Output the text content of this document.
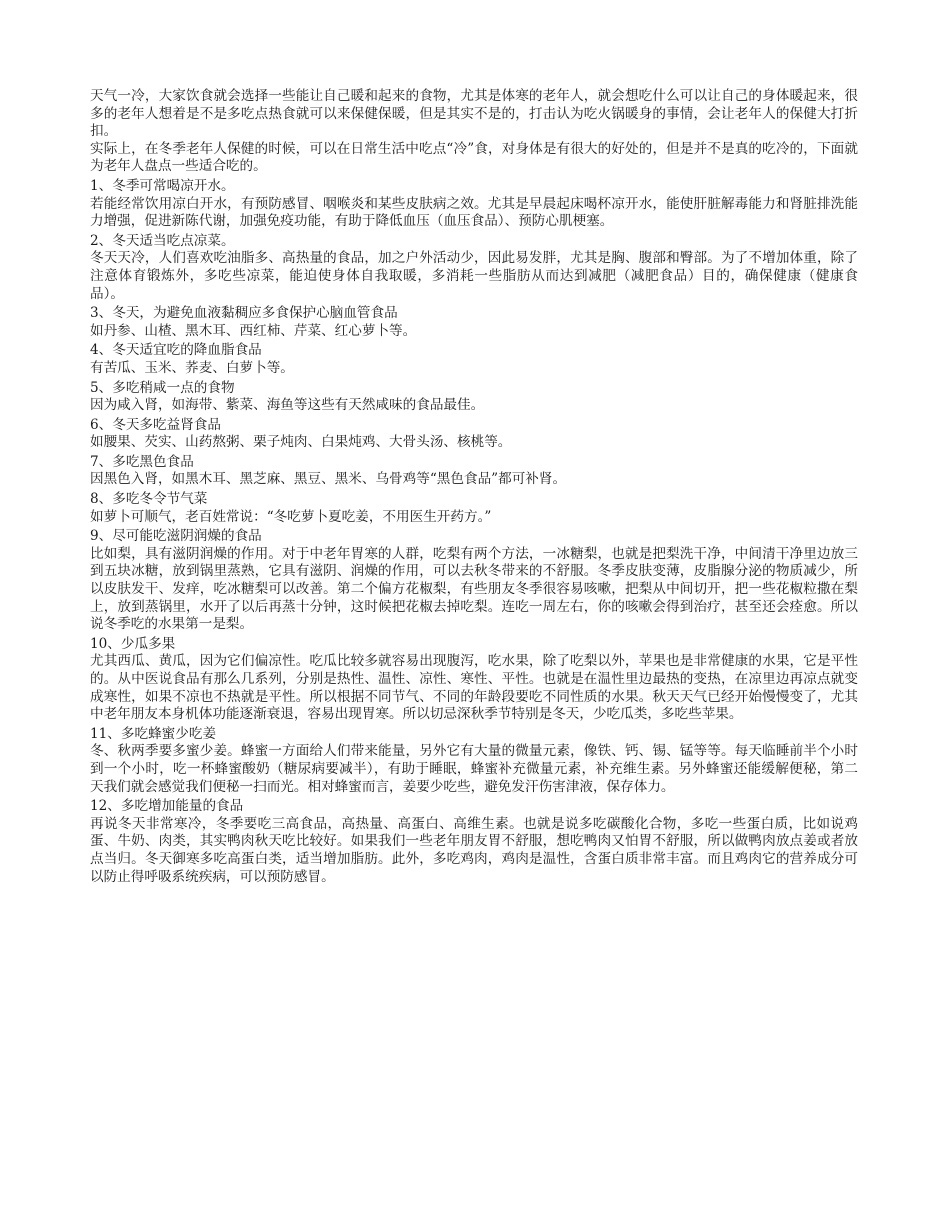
天气一冷，大家饮食就会选择一些能让自己暖和起来的食物，尤其是体寒的老年人，就会想吃什么可以让自己的身体暖起来，很多的老年人想着是不是多吃点热食就可以来保健保暖，但是其实不是的，打击认为吃火锅暖身的事情，会让老年人的保健大打折扣。

实际上，在冬季老年人保健的时候，可以在日常生活中吃点“冷”食，对身体是有很大的好处的，但是并不是真的吃冷的，下面就为老年人盘点一些适合吃的。

1、冬季可常喝凉开水。

若能经常饮用凉白开水，有预防感冒、咽喉炎和某些皮肤病之效。尤其是早晨起床喝杯凉开水，能使肝脏解毒能力和肾脏排洗能力增强，促进新陈代谢，加强免疫功能，有助于降低血压（血压食品）、预防心肌梗塞。

2、冬天适当吃点凉菜。

冬天天冷，人们喜欢吃油脂多、高热量的食品，加之户外活动少，因此易发胖，尤其是胸、腹部和臀部。为了不增加体重，除了注意体育锻炼外，多吃些凉菜，能迫使身体自我取暖，多消耗一些脂肪从而达到减肥（减肥食品）目的，确保健康（健康食品）。

3、冬天，为避免血液黏稠应多食保护心脑血管食品

如丹参、山楂、黑木耳、西红柿、芹菜、红心萝卜等。

4、冬天适宜吃的降血脂食品

有苦瓜、玉米、荞麦、白萝卜等。

5、多吃稍咸一点的食物

因为咸入肾，如海带、紫菜、海鱼等这些有天然咸味的食品最佳。

6、冬天多吃益肾食品

如腰果、芡实、山药熬粥、栗子炖肉、白果炖鸡、大骨头汤、核桃等。

7、多吃黑色食品

因黑色入肾，如黑木耳、黑芝麻、黑豆、黑米、乌骨鸡等“黑色食品”都可补肾。

8、多吃冬令节气菜

如萝卜可顺气，老百姓常说：“冬吃萝卜夏吃姜，不用医生开药方。”

9、尽可能吃滋阴润燥的食品

比如梨，具有滋阴润燥的作用。对于中老年胃寒的人群，吃梨有两个方法，一冰糖梨，也就是把梨洗干净，中间清干净里边放三到五块冰糖，放到锅里蒸熟，它具有滋阴、润燥的作用，可以去秋冬带来的不舒服。冬季皮肤变薄，皮脂腺分泌的物质减少，所以皮肤发干、发痒，吃冰糖梨可以改善。第二个偏方花椒梨，有些朋友冬季很容易咳嗽，把梨从中间切开，把一些花椒粒撒在梨上，放到蒸锅里，水开了以后再蒸十分钟，这时候把花椒去掉吃梨。连吃一周左右，你的咳嗽会得到治疗，甚至还会痊愈。所以说冬季吃的水果第一是梨。

10、少瓜多果

尤其西瓜、黄瓜，因为它们偏凉性。吃瓜比较多就容易出现腹泻，吃水果，除了吃梨以外，苹果也是非常健康的水果，它是平性的。从中医说食品有那么几系列，分别是热性、温性、凉性、寒性、平性。也就是在温性里边最热的变热，在凉里边再凉点就变成寒性，如果不凉也不热就是平性。所以根据不同节气、不同的年龄段要吃不同性质的水果。秋天天气已经开始慢慢变了，尤其中老年朋友本身机体功能逐渐衰退，容易出现胃寒。所以切忌深秋季节特别是冬天，少吃瓜类，多吃些苹果。

11、多吃蜂蜜少吃姜

冬、秋两季要多蜜少姜。蜂蜜一方面给人们带来能量，另外它有大量的微量元素，像铁、钙、锡、锰等等。每天临睡前半个小时到一个小时，吃一杯蜂蜜酸奶（糖尿病要减半），有助于睡眠，蜂蜜补充微量元素，补充维生素。另外蜂蜜还能缓解便秘，第二天我们就会感觉我们便秘一扫而光。相对蜂蜜而言，姜要少吃些，避免发汗伤害津液，保存体力。

12、多吃增加能量的食品

再说冬天非常寒冷，冬季要吃三高食品，高热量、高蛋白、高维生素。也就是说多吃碳酸化合物，多吃一些蛋白质，比如说鸡蛋、牛奶、肉类，其实鸭肉秋天吃比较好。如果我们一些老年朋友胃不舒服，想吃鸭肉又怕胃不舒服，所以做鸭肉放点姜或者放点当归。冬天御寒多吃高蛋白类，适当增加脂肪。此外，多吃鸡肉，鸡肉是温性，含蛋白质非常丰富。而且鸡肉它的营养成分可以防止得呼吸系统疾病，可以预防感冒。
